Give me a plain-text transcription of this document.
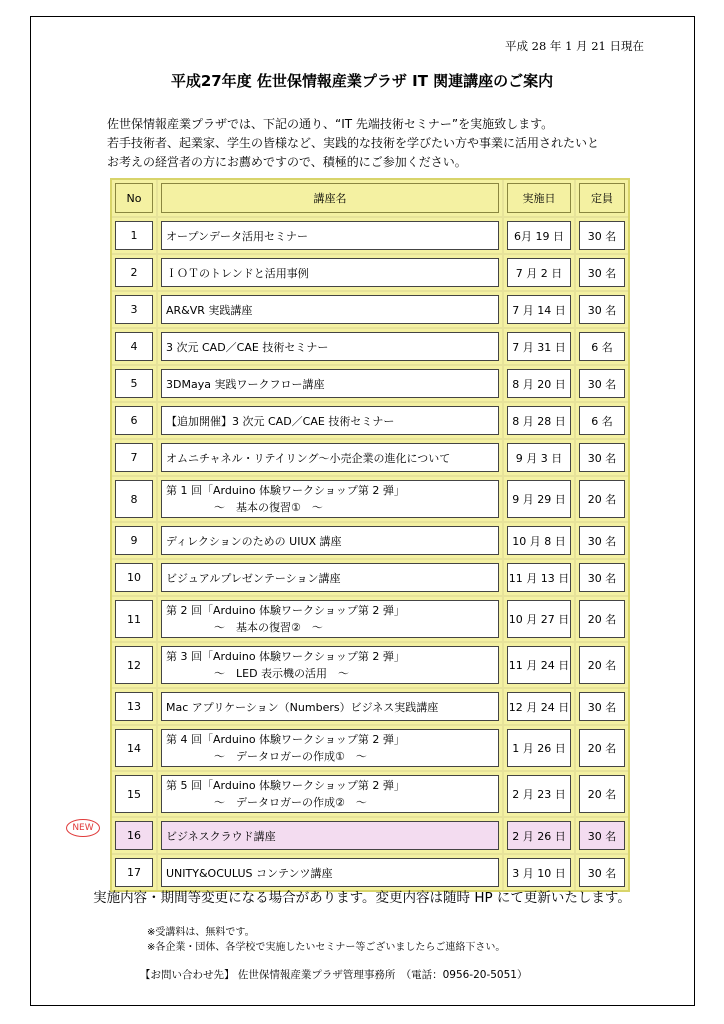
平成 28 年 1 月 21 日現在
平成27年度 佐世保情報産業プラザ IT 関連講座のご案内
佐世保情報産業プラザでは、下記の通り、“IT 先端技術セミナー”を実施致します。
若手技術者、起業家、学生の皆様など、実践的な技術を学びたい方や事業に活用されたいと
お考えの経営者の方にお薦めですので、積極的にご参加ください。
No	講座名	実施日	定員

1	オープンデータ活用セミナー	6月 19 日	30 名

2	ＩＯＴのトレンドと活用事例	7 月 2 日	30 名

3	AR&VR 実践講座	7 月 14 日	30 名

4	3 次元 CAD／CAE 技術セミナー	7 月 31 日	6 名

5	3DMaya 実践ワークフロー講座	8 月 20 日	30 名

6	【追加開催】3 次元 CAD／CAE 技術セミナー	8 月 28 日	6 名

7	オムニチャネル・リテイリング～小売企業の進化について	9 月 3 日	30 名

8	第 1 回「Arduino 体験ワークショップ第 2 弾」
～　基本の復習①　～	9 月 29 日	20 名

9	ディレクションのための UIUX 講座	10 月 8 日	30 名

10	ビジュアルプレゼンテーション講座	11 月 13 日	30 名

11	第 2 回「Arduino 体験ワークショップ第 2 弾」
～　基本の復習②　～	10 月 27 日	20 名

12	第 3 回「Arduino 体験ワークショップ第 2 弾」
～　LED 表示機の活用　～	11 月 24 日	20 名

13	Mac アプリケーション（Numbers）ビジネス実践講座	12 月 24 日	30 名

14	第 4 回「Arduino 体験ワークショップ第 2 弾」
～　データロガーの作成①　～	1 月 26 日	20 名

15	第 5 回「Arduino 体験ワークショップ第 2 弾」
～　データロガーの作成②　～	2 月 23 日	20 名

16	ビジネスクラウド講座	2 月 26 日	30 名

17	UNITY&OCULUS コンテンツ講座	3 月 10 日	30 名
NEW
実施内容・期間等変更になる場合があります。変更内容は随時 HP にて更新いたします。
※受講料は、無料です。
※各企業・団体、各学校で実施したいセミナー等ございましたらご連絡下さい。
【お問い合わせ先】 佐世保情報産業プラザ管理事務所　（電話：0956-20-5051）
